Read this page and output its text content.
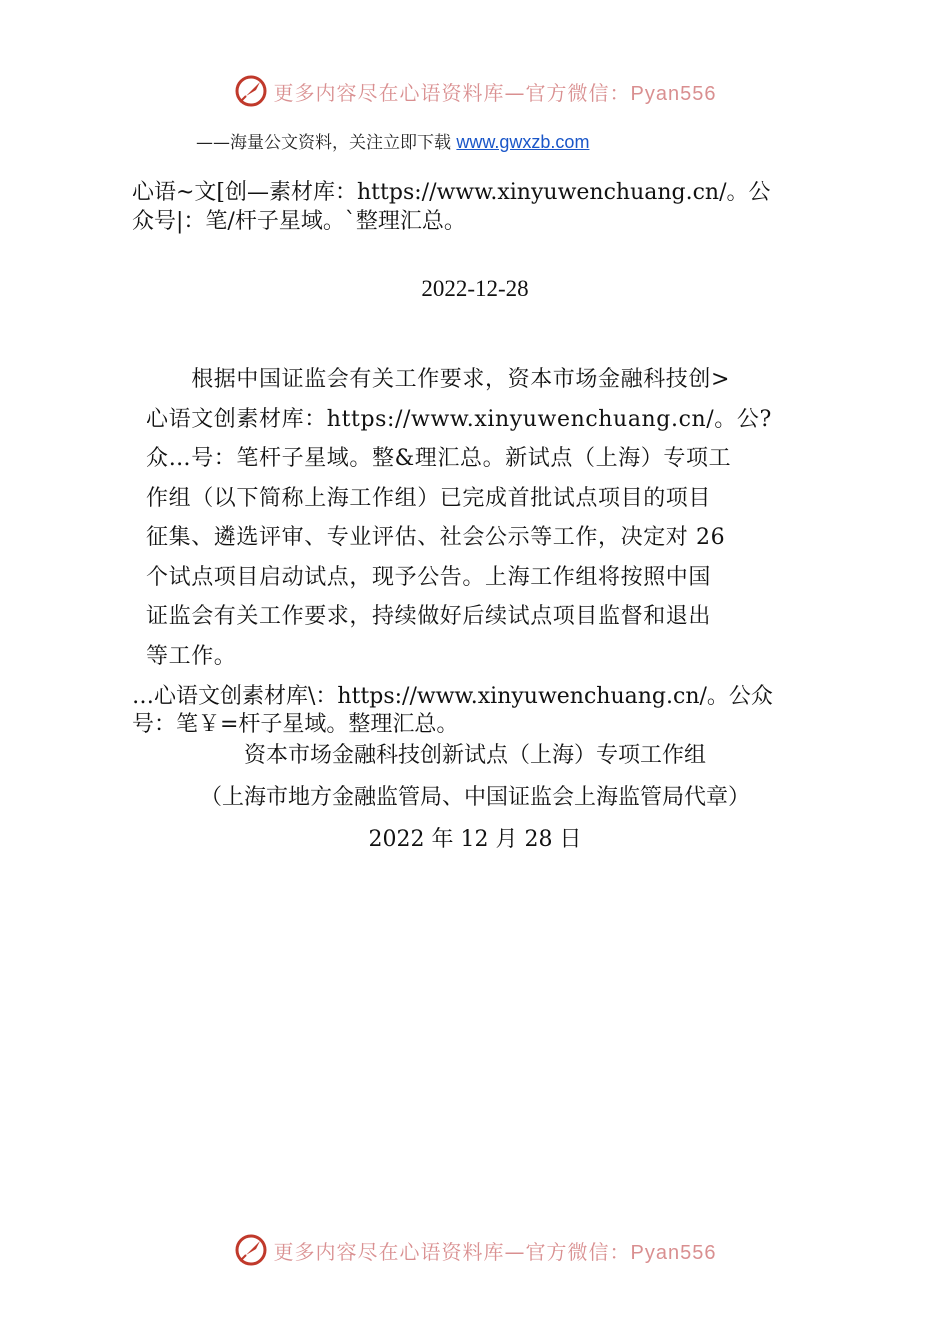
更多内容尽在心语资料库—官方微信：Pyan556
——海量公文资料，关注立即下载 www.gwxzb.com
心语~文[创—素材库：https://www.xinyuwenchuang.cn/。公
众号|：笔/杆子星域。`整理汇总。
2022-12-28
　　根据中国证监会有关工作要求，资本市场金融科技创>
心语文创素材库：https://www.xinyuwenchuang.cn/。公?
众…号：笔杆子星域。整&理汇总。新试点（上海）专项工
作组（以下简称上海工作组）已完成首批试点项目的项目
征集、遴选评审、专业评估、社会公示等工作，决定对 26
个试点项目启动试点，现予公告。上海工作组将按照中国
证监会有关工作要求，持续做好后续试点项目监督和退出
等工作。
…心语文创素材库\：https://www.xinyuwenchuang.cn/。公众
号：笔￥=杆子星域。整理汇总。
资本市场金融科技创新试点（上海）专项工作组
（上海市地方金融监管局、中国证监会上海监管局代章）
2022 年 12 月 28 日
更多内容尽在心语资料库—官方微信：Pyan556
